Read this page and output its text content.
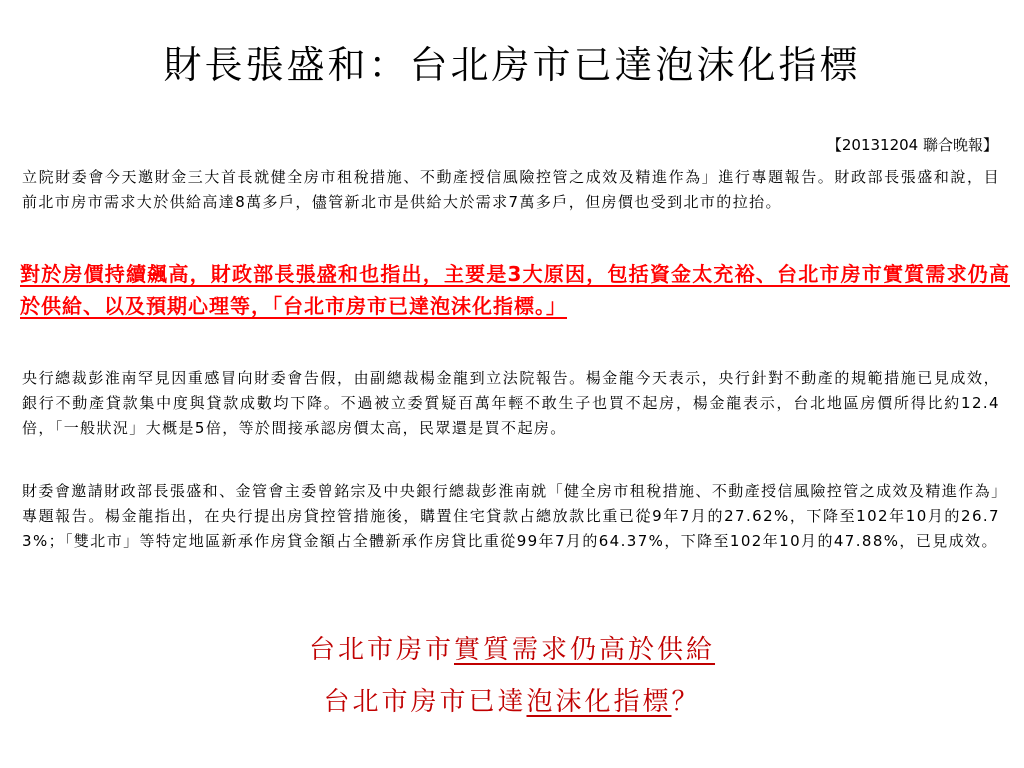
財長張盛和：台北房市已達泡沫化指標
【20131204 聯合晚報】

立院財委會今天邀財金三大首長就健全房市租稅措施、不動產授信風險控管之成效及精進作為」進行專題報告。財政部長張盛和說，目前北市房市需求大於供給高達8萬多戶，儘管新北市是供給大於需求7萬多戶，但房價也受到北市的拉抬。

對於房價持續飆高，財政部長張盛和也指出，主要是3大原因，包括資金太充裕、台北市房市實質需求仍高於供給、以及預期心理等，「台北市房市已達泡沫化指標。」

央行總裁彭淮南罕見因重感冒向財委會告假，由副總裁楊金龍到立法院報告。楊金龍今天表示，央行針對不動產的規範措施已見成效，銀行不動產貸款集中度與貸款成數均下降。不過被立委質疑百萬年輕不敢生子也買不起房，楊金龍表示，台北地區房價所得比約12.4倍，「一般狀況」大概是5倍，等於間接承認房價太高，民眾還是買不起房。

財委會邀請財政部長張盛和、金管會主委曾銘宗及中央銀行總裁彭淮南就「健全房市租稅措施、不動產授信風險控管之成效及精進作為」專題報告。楊金龍指出，在央行提出房貸控管措施後，購置住宅貸款占總放款比重已從9年7月的27.62%，下降至102年10月的26.73%；「雙北市」等特定地區新承作房貸金額占全體新承作房貸比重從99年7月的64.37%，下降至102年10月的47.88%，已見成效。

台北市房市實質需求仍高於供給
台北市房市已達泡沫化指標？
